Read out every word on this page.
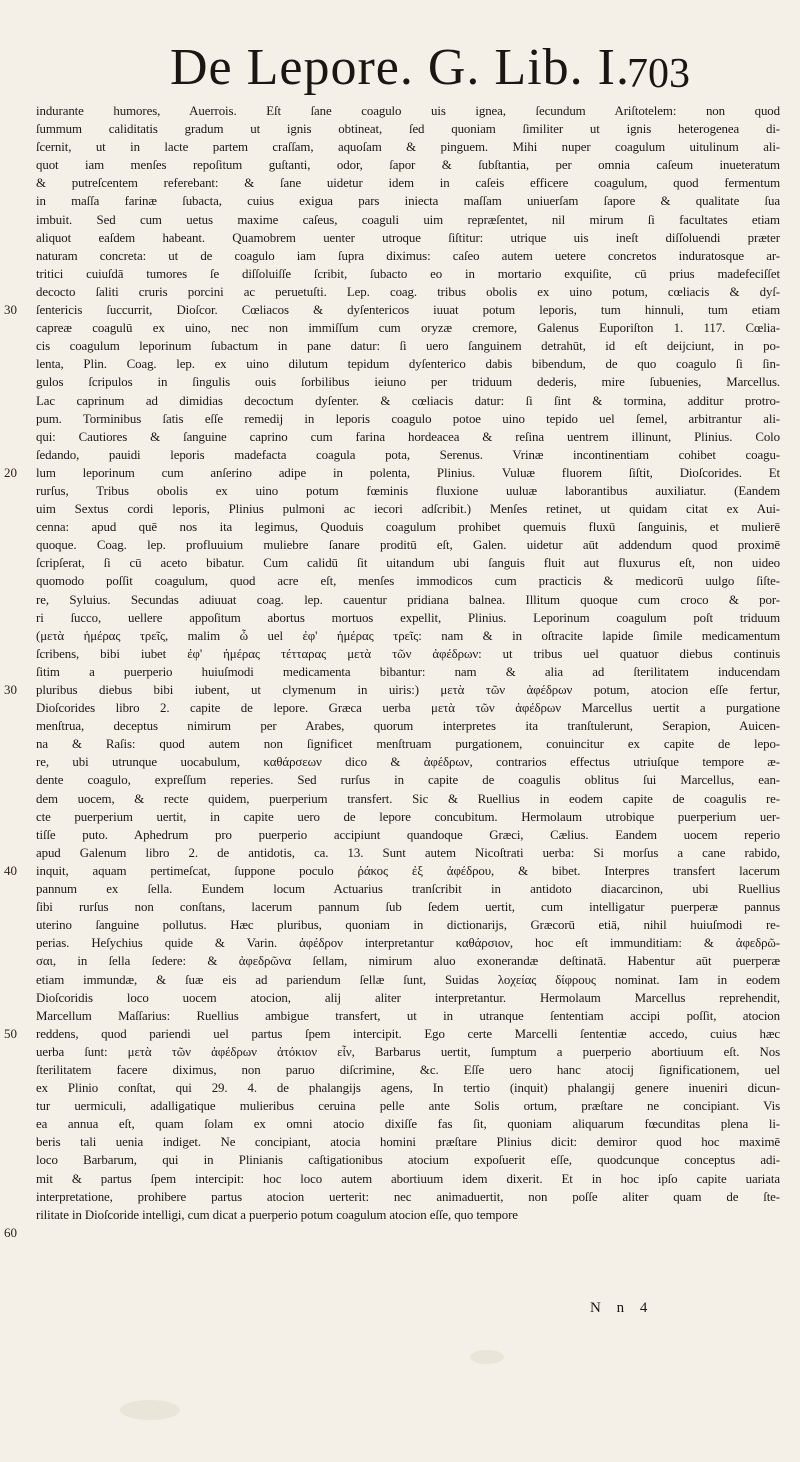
De Lepore. G. Lib. I.
703
30
20
30
40
50
60
indurante humores, Auerrois. Eſt ſane coagulo uis ignea, ſecundum Ariſtotelem: non quod
ſummum caliditatis gradum ut ignis obtineat, ſed quoniam ſimiliter ut ignis heterogenea di-
ſcernit, ut in lacte partem craſſam, aquoſam & pinguem. Mihi nuper coagulum uitulinum ali-
quot iam menſes repoſitum guſtanti, odor, ſapor & ſubſtantia, per omnia caſeum inueteratum
& putreſcentem referebant: & ſane uidetur idem in caſeis efficere coagulum, quod fermentum
in maſſa farinæ ſubacta, cuius exigua pars iniecta maſſam uniuerſam ſapore & qualitate ſua
imbuit. Sed cum uetus maxime caſeus, coaguli uim repræſentet, nil mirum ſi facultates etiam
aliquot eaſdem habeant. Quamobrem uenter utroque ſiſtitur: utrique uis ineſt diſſoluendi præter
naturam concreta: ut de coagulo iam ſupra diximus: caſeo autem uetere concretos induratosque ar-
tritici cuiuſdā tumores ſe diſſoluiſſe ſcribit, ſubacto eo in mortario exquiſite, cū prius madefeciſſet
decocto ſaliti cruris porcini ac peruetuſti. Lep. coag. tribus obolis ex uino potum, cœliacis & dyſ-
ſentericis ſuccurrit, Dioſcor. Cœliacos & dyſentericos iuuat potum leporis, tum hinnuli, tum etiam
capreæ coagulū ex uino, nec non immiſſum cum oryzæ cremore, Galenus Euporiſton 1. 117. Cœlia-
cis coagulum leporinum ſubactum in pane datur: ſi uero ſanguinem detrahūt, id eſt deijciunt, in po-
lenta, Plin. Coag. lep. ex uino dilutum tepidum dyſenterico dabis bibendum, de quo coagulo ſi ſin-
gulos ſcripulos in ſingulis ouis ſorbilibus ieiuno per triduum dederis, mire ſubuenies, Marcellus.
Lac caprinum ad dimidias decoctum dyſenter. & cœliacis datur: ſi ſint & tormina, additur protro-
pum. Torminibus ſatis eſſe remedij in leporis coagulo potoe uino tepido uel ſemel, arbitrantur ali-
qui: Cautiores & ſanguine caprino cum farina hordeacea & reſina uentrem illinunt, Plinius. Colo
ſedando, pauidi leporis madefacta coagula pota, Serenus. Vrinæ incontinentiam cohibet coagu-
lum leporinum cum anſerino adipe in polenta, Plinius. Vuluæ fluorem ſiſtit, Dioſcorides. Et
rurſus, Tribus obolis ex uino potum fœminis fluxione uuluæ laborantibus auxiliatur. (Eandem
uim Sextus cordi leporis, Plinius pulmoni ac iecori adſcribit.) Menſes retinet, ut quidam citat ex Aui-
cenna: apud quē nos ita legimus, Quoduis coagulum prohibet quemuis fluxū ſanguinis, et mulierē
quoque. Coag. lep. profluuium muliebre ſanare proditū eſt, Galen. uidetur aūt addendum quod proximē
ſcripſerat, ſi cū aceto bibatur. Cum calidū ſit uitandum ubi ſanguis fluit aut fluxurus eſt, non uideo
quomodo poſſit coagulum, quod acre eſt, menſes immodicos cum practicis & medicorū uulgo ſiſte-
re, Syluius. Secundas adiuuat coag. lep. cauentur pridiana balnea. Illitum quoque cum croco & por-
ri ſucco, uellere appoſitum abortus mortuos expellit, Plinius. Leporinum coagulum poſt triduum
(μετὰ ἡμέρας τρεῖς, malim ὦ uel ἐφ' ἡμέρας τρεῖς: nam & in oſtracite lapide ſimile medicamentum
ſcribens, bibi iubet ἐφ' ἡμέρας τέτταρας μετὰ τῶν ἀφέδρων: ut tribus uel quatuor diebus continuis
ſitim a puerperio huiuſmodi medicamenta bibantur: nam & alia ad ſterilitatem inducendam
pluribus diebus bibi iubent, ut clymenum in uiris:) μετὰ τῶν ἀφέδρων potum, atocion eſſe fertur,
Dioſcorides libro 2. capite de lepore. Græca uerba μετὰ τῶν ἀφέδρων Marcellus uertit a purgatione
menſtrua, deceptus nimirum per Arabes, quorum interpretes ita tranſtulerunt, Serapion, Auicen-
na & Raſis: quod autem non ſignificet menſtruam purgationem, conuincitur ex capite de lepo-
re, ubi utrunque uocabulum, καθάρσεων dico & ἀφέδρων, contrarios effectus utriuſque tempore æ-
dente coagulo, expreſſum reperies. Sed rurſus in capite de coagulis oblitus ſui Marcellus, ean-
dem uocem, & recte quidem, puerperium transfert. Sic & Ruellius in eodem capite de coagulis re-
cte puerperium uertit, in capite uero de lepore concubitum. Hermolaum utrobique puerperium uer-
tiſſe puto. Aphedrum pro puerperio accipiunt quandoque Græci, Cælius. Eandem uocem reperio
apud Galenum libro 2. de antidotis, ca. 13. Sunt autem Nicoſtrati uerba: Si morſus a cane rabido,
inquit, aquam pertimeſcat, ſuppone poculo ῥάκος ἐξ ἀφέδρου, & bibet. Interpres transfert lacerum
pannum ex ſella. Eundem locum Actuarius tranſcribit in antidoto diacarcinon, ubi Ruellius
ſibi rurſus non conſtans, lacerum pannum ſub ſedem uertit, cum intelligatur puerperæ pannus
uterino ſanguine pollutus. Hæc pluribus, quoniam in dictionarijs, Græcorū etiā, nihil huiuſmodi re-
perias. Heſychius quide & Varin. ἀφέδρον interpretantur καθάρσιον, hoc eſt immunditiam: & ἀφεδρῶ-
σαι, in ſella ſedere: & ἀφεδρῶνα ſellam, nimirum aluo exonerandæ deſtinatā. Habentur aūt puerperæ
etiam immundæ, & ſuæ eis ad pariendum ſellæ ſunt, Suidas λοχείας δίφρους nominat. Iam in eodem
Dioſcoridis loco uocem atocion, alij aliter interpretantur. Hermolaum Marcellus reprehendit,
Marcellum Maſſarius: Ruellius ambigue transfert, ut in utranque ſententiam accipi poſſit, atocion
reddens, quod pariendi uel partus ſpem intercipit. Ego certe Marcelli ſententiæ accedo, cuius hæc
uerba ſunt: μετὰ τῶν ἀφέδρων ἀτόκιον εἶν, Barbarus uertit, ſumptum a puerperio abortiuum eſt. Nos
ſterilitatem facere diximus, non paruo diſcrimine, &c. Eſſe uero hanc atocij ſignificationem, uel
ex Plinio conſtat, qui 29. 4. de phalangijs agens, In tertio (inquit) phalangij genere inueniri dicun-
tur uermiculi, adalligatique mulieribus ceruina pelle ante Solis ortum, præſtare ne concipiant. Vis
ea annua eſt, quam ſolam ex omni atocio dixiſſe fas ſit, quoniam aliquarum fœcunditas plena li-
beris tali uenia indiget. Ne concipiant, atocia homini præſtare Plinius dicit: demiror quod hoc maximē
loco Barbarum, qui in Plinianis caſtigationibus atocium expoſuerit eſſe, quodcunque conceptus adi-
mit & partus ſpem intercipit: hoc loco autem abortiuum idem dixerit. Et in hoc ipſo capite uariata
interpretatione, prohibere partus atocion uerterit: nec animaduertit, non poſſe aliter quam de ſte-
rilitate in Dioſcoride intelligi, cum dicat a puerperio potum coagulum atocion eſſe, quo tempore
N n 4
